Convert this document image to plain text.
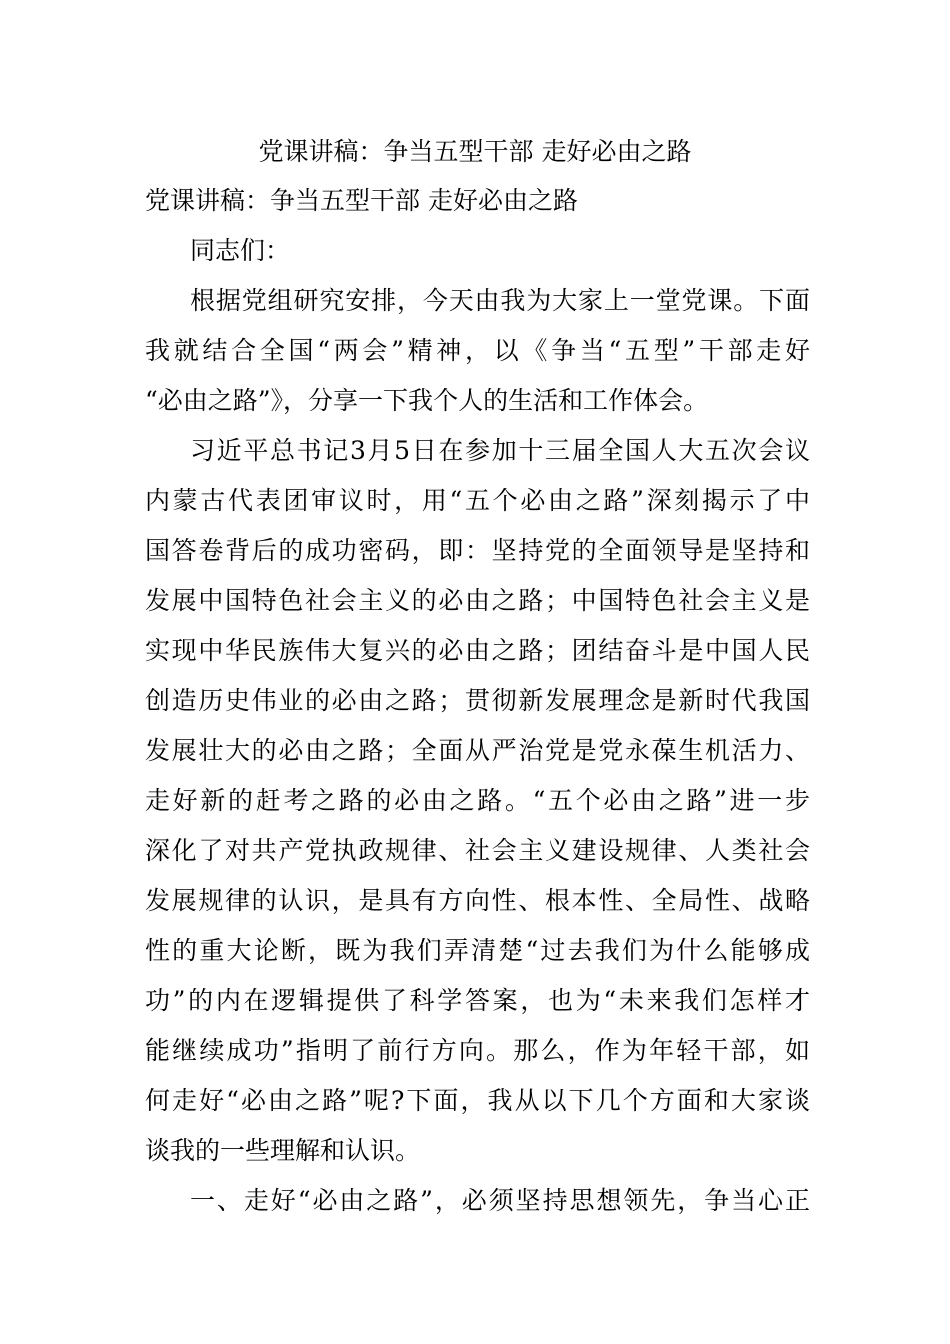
党课讲稿：争当五型干部 走好必由之路
党课讲稿：争当五型干部 走好必由之路
同志们：
根据党组研究安排，今天由我为大家上一堂党课。下面
我就结合全国“两会”精神，以《争当“五型”干部走好
“必由之路”》，分享一下我个人的生活和工作体会。
习近平总书记3月5日在参加十三届全国人大五次会议
内蒙古代表团审议时，用“五个必由之路”深刻揭示了中
国答卷背后的成功密码，即：坚持党的全面领导是坚持和
发展中国特色社会主义的必由之路；中国特色社会主义是
实现中华民族伟大复兴的必由之路；团结奋斗是中国人民
创造历史伟业的必由之路；贯彻新发展理念是新时代我国
发展壮大的必由之路；全面从严治党是党永葆生机活力、
走好新的赶考之路的必由之路。“五个必由之路”进一步
深化了对共产党执政规律、社会主义建设规律、人类社会
发展规律的认识，是具有方向性、根本性、全局性、战略
性的重大论断，既为我们弄清楚“过去我们为什么能够成
功”的内在逻辑提供了科学答案，也为“未来我们怎样才
能继续成功”指明了前行方向。那么，作为年轻干部，如
何走好“必由之路”呢?下面，我从以下几个方面和大家谈
谈我的一些理解和认识。
一、走好“必由之路”，必须坚持思想领先，争当心正
